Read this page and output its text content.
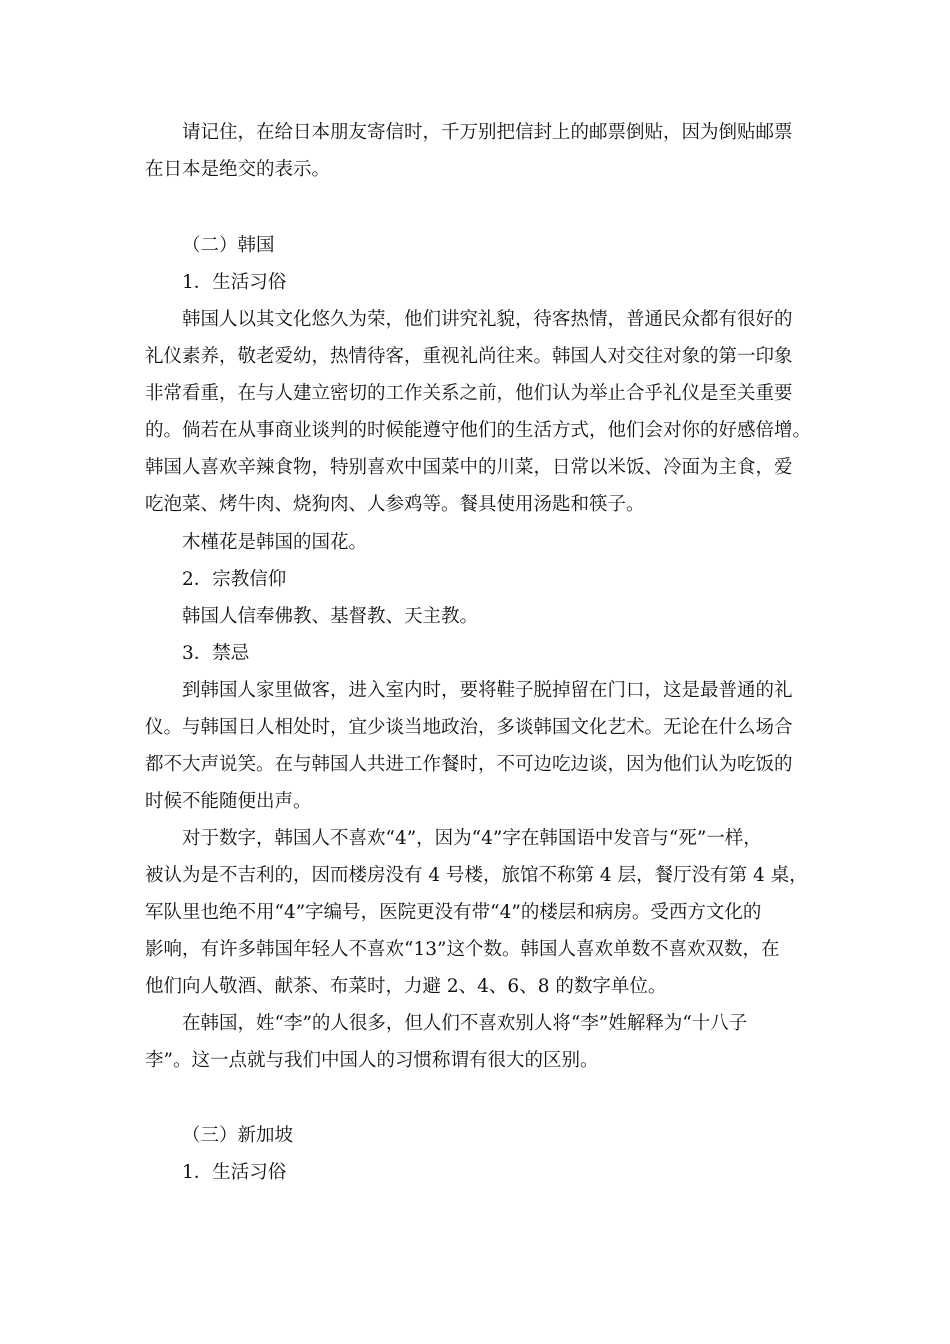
请记住，在给日本朋友寄信时，千万别把信封上的邮票倒贴，因为倒贴邮票
在日本是绝交的表示。
（二）韩国
1．生活习俗
韩国人以其文化悠久为荣，他们讲究礼貌，待客热情，普通民众都有很好的
礼仪素养，敬老爱幼，热情待客，重视礼尚往来。韩国人对交往对象的第一印象
非常看重，在与人建立密切的工作关系之前，他们认为举止合乎礼仪是至关重要
的。倘若在从事商业谈判的时候能遵守他们的生活方式，他们会对你的好感倍增。
韩国人喜欢辛辣食物，特别喜欢中国菜中的川菜，日常以米饭、冷面为主食，爱
吃泡菜、烤牛肉、烧狗肉、人参鸡等。餐具使用汤匙和筷子。
木槿花是韩国的国花。
2．宗教信仰
韩国人信奉佛教、基督教、天主教。
3．禁忌
到韩国人家里做客，进入室内时，要将鞋子脱掉留在门口，这是最普通的礼
仪。与韩国日人相处时，宜少谈当地政治，多谈韩国文化艺术。无论在什么场合
都不大声说笑。在与韩国人共进工作餐时，不可边吃边谈，因为他们认为吃饭的
时候不能随便出声。
对于数字，韩国人不喜欢“4”，因为“4”字在韩国语中发音与“死”一样，
被认为是不吉利的，因而楼房没有 4 号楼，旅馆不称第 4 层，餐厅没有第 4 桌，
军队里也绝不用“4”字编号，医院更没有带“4”的楼层和病房。受西方文化的
影响，有许多韩国年轻人不喜欢“13”这个数。韩国人喜欢单数不喜欢双数，在
他们向人敬酒、献茶、布菜时，力避 2、4、6、8 的数字单位。
在韩国，姓“李”的人很多，但人们不喜欢别人将“李”姓解释为“十八子
李”。这一点就与我们中国人的习惯称谓有很大的区别。
（三）新加坡
1．生活习俗
